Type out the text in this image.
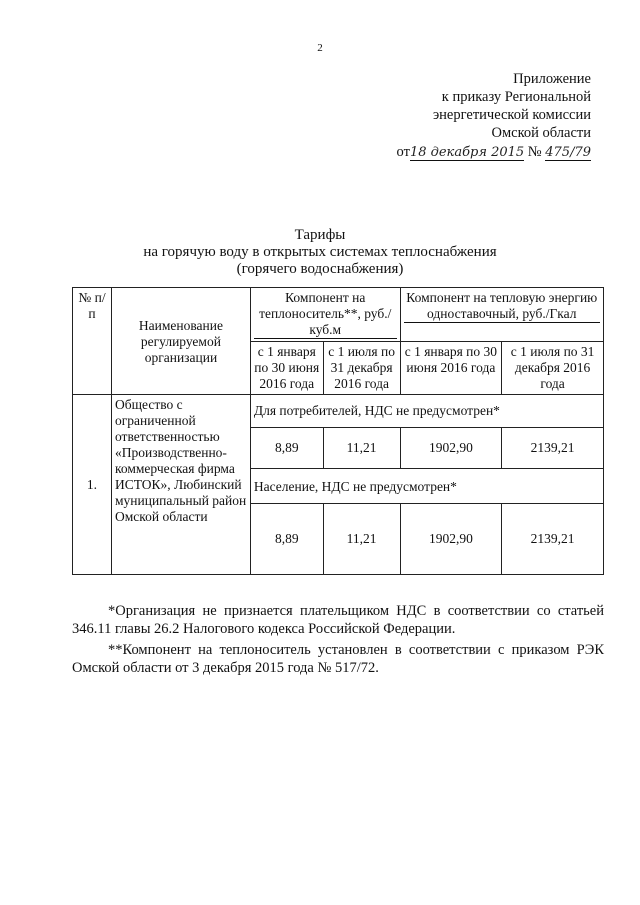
2
Приложение
к приказу Региональной
энергетической комиссии
Омской области
от18 декабря 2015 № 475/79
Тарифы
на горячую воду в открытых системах теплоснабжения
(горячего водоснабжения)
№ п/п	Наименование регулируемой организации	Компонент на теплоноситель**, руб./куб.м		Компонент на тепловую энергию одноставочный, руб./Гкал	
		с 1 января по 30 июня 2016 года	с 1 июля по 31 декабря 2016 года	с 1 января по 30 июня 2016 года	с 1 июля по 31 декабря 2016 года
1.	Общество с ограниченной ответственностью «Производственно-коммерческая фирма ИСТОК», Любинский муниципальный район Омской области	Для потребителей, НДС не предусмотрен*			
		8,89	11,21	1902,90	2139,21
		Население, НДС не предусмотрен*			
		8,89	11,21	1902,90	2139,21

*Организация не признается плательщиком НДС в соответствии со статьей 346.11 главы 26.2 Налогового кодекса Российской Федерации.

**Компонент на теплоноситель установлен в соответствии с приказом РЭК Омской области от 3 декабря 2015 года № 517/72.
